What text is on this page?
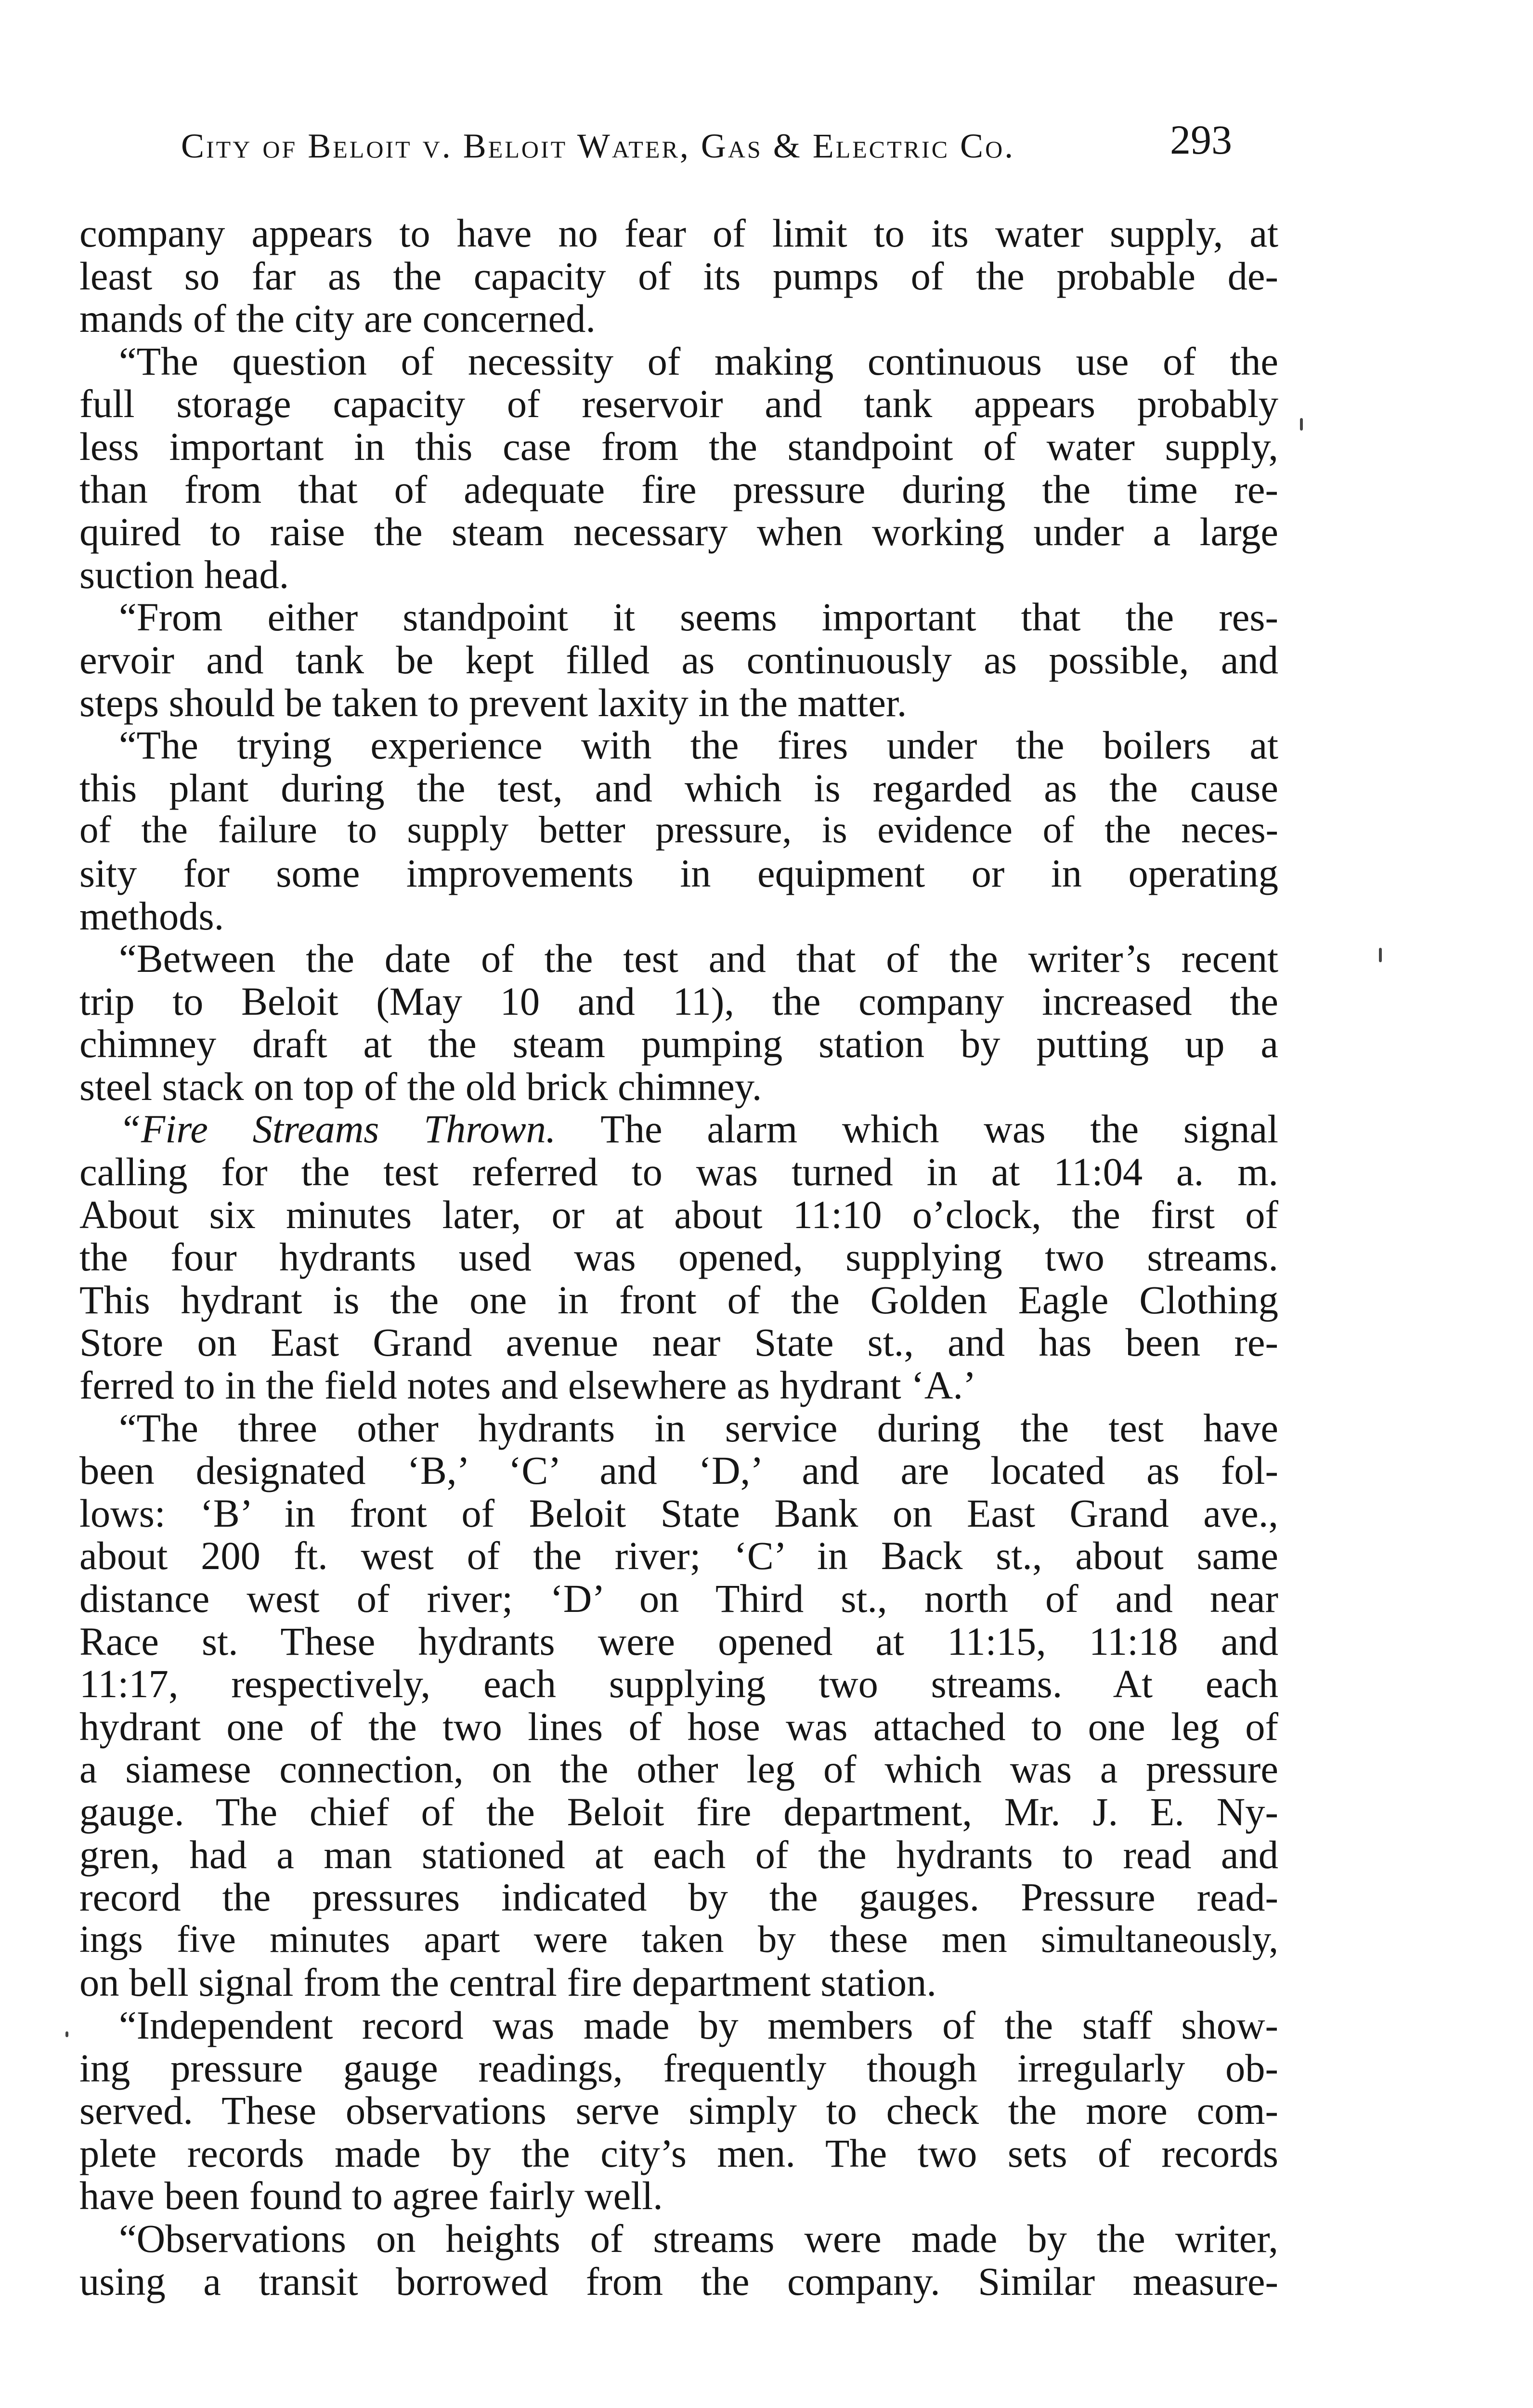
City of Beloit v. Beloit Water, Gas & Electric Co.	293
company appears to have no fear of limit to its water supply, at
least so far as the capacity of its pumps of the probable de-
mands of the city are concerned.
“The question of necessity of making continuous use of the
full storage capacity of reservoir and tank appears probably
less important in this case from the standpoint of water supply,
than from that of adequate fire pressure during the time re-
quired to raise the steam necessary when working under a large
suction head.
“From either standpoint it seems important that the res-
ervoir and tank be kept filled as continuously as possible, and
steps should be taken to prevent laxity in the matter.
“The trying experience with the fires under the boilers at
this plant during the test, and which is regarded as the cause
of the failure to supply better pressure, is evidence of the neces-
sity for some improvements in equipment or in operating
methods.
“Between the date of the test and that of the writer’s recent
trip to Beloit (May 10 and 11), the company increased the
chimney draft at the steam pumping station by putting up a
steel stack on top of the old brick chimney.
“Fire Streams Thrown. The alarm which was the signal
calling for the test referred to was turned in at 11:04 a. m.
About six minutes later, or at about 11:10 o’clock, the first of
the four hydrants used was opened, supplying two streams.
This hydrant is the one in front of the Golden Eagle Clothing
Store on East Grand avenue near State st., and has been re-
ferred to in the field notes and elsewhere as hydrant ‘A.’
“The three other hydrants in service during the test have
been designated ‘B,’ ‘C’ and ‘D,’ and are located as fol-
lows: ‘B’ in front of Beloit State Bank on East Grand ave.,
about 200 ft. west of the river; ‘C’ in Back st., about same
distance west of river; ‘D’ on Third st., north of and near
Race st. These hydrants were opened at 11:15, 11:18 and
11:17, respectively, each supplying two streams. At each
hydrant one of the two lines of hose was attached to one leg of
a siamese connection, on the other leg of which was a pressure
gauge. The chief of the Beloit fire department, Mr. J. E. Ny-
gren, had a man stationed at each of the hydrants to read and
record the pressures indicated by the gauges. Pressure read-
ings five minutes apart were taken by these men simultaneously,
on bell signal from the central fire department station.
“Independent record was made by members of the staff show-
ing pressure gauge readings, frequently though irregularly ob-
served. These observations serve simply to check the more com-
plete records made by the city’s men. The two sets of records
have been found to agree fairly well.
“Observations on heights of streams were made by the writer,
using a transit borrowed from the company. Similar measure-
